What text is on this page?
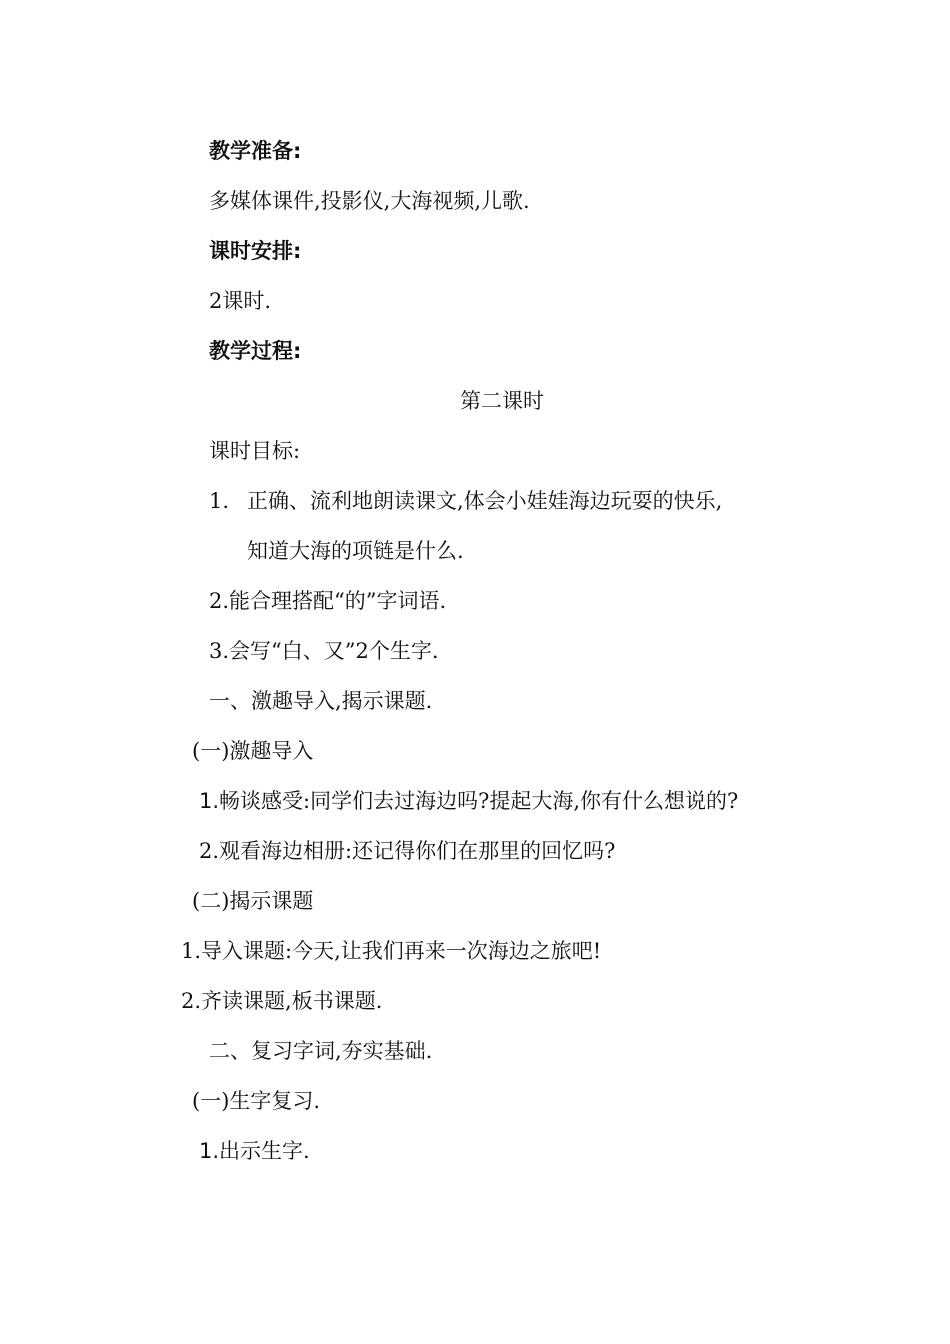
教学准备:
多媒体课件,投影仪,大海视频,儿歌.
课时安排:
2课时.
教学过程:
第二课时
课时目标:
1. 正确、流利地朗读课文,体会小娃娃海边玩耍的快乐,
知道大海的项链是什么.
2.能合理搭配“的”字词语.
3.会写“白、又”2个生字.
一、激趣导入,揭示课题.
(一)激趣导入
1. 畅谈感受:同学们去过海边吗?提起大海,你有什么想说的?
2.观看海边相册:还记得你们在那里的回忆吗?
(二)揭示课题
1.导入课题:今天,让我们再来一次海边之旅吧!
2.齐读课题,板书课题.
二、复习字词,夯实基础.
(一)生字复习.
1. 出示生字.
